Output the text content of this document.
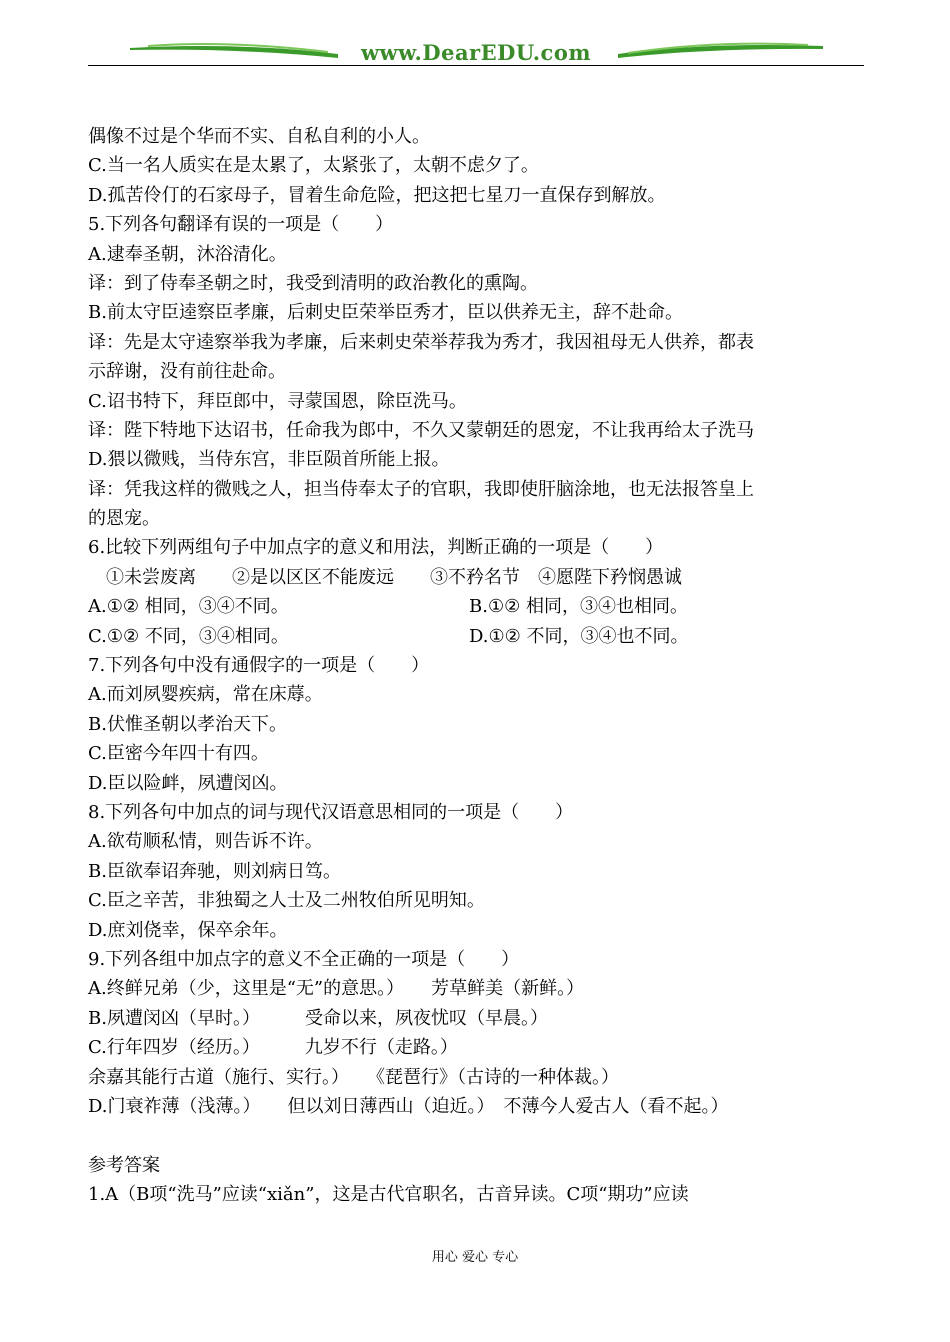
www.DearEDU.com
偶像不过是个华而不实、自私自利的小人。
C.当一名人质实在是太累了，太紧张了，太朝不虑夕了。
D.孤苦伶仃的石家母子，冒着生命危险，把这把七星刀一直保存到解放。
5.下列各句翻译有误的一项是（　　）
A.逮奉圣朝，沐浴清化。
译：到了侍奉圣朝之时，我受到清明的政治教化的熏陶。
B.前太守臣逵察臣孝廉，后刺史臣荣举臣秀才，臣以供养无主，辞不赴命。
译：先是太守逵察举我为孝廉，后来刺史荣举荐我为秀才，我因祖母无人供养，都表
示辞谢，没有前往赴命。
C.诏书特下，拜臣郎中，寻蒙国恩，除臣洗马。
译：陛下特地下达诏书，任命我为郎中，不久又蒙朝廷的恩宠，不让我再给太子洗马
D.猥以微贱，当侍东宫，非臣陨首所能上报。
译：凭我这样的微贱之人，担当侍奉太子的官职，我即使肝脑涂地，也无法报答皇上
的恩宠。
6.比较下列两组句子中加点字的意义和用法，判断正确的一项是（　　）
　①未尝废离　　②是以区区不能废远　　③不矜名节　④愿陛下矜悯愚诚
A.①② 相同，③④不同。	B.①② 相同，③④也相同。
C.①② 不同，③④相同。	D.①② 不同，③④也不同。
7.下列各句中没有通假字的一项是（　　）
A.而刘夙婴疾病，常在床蓐。
B.伏惟圣朝以孝治天下。
C.臣密今年四十有四。
D.臣以险衅，夙遭闵凶。
8.下列各句中加点的词与现代汉语意思相同的一项是（　　）
A.欲苟顺私情，则告诉不许。
B.臣欲奉诏奔驰，则刘病日笃。
C.臣之辛苦，非独蜀之人士及二州牧伯所见明知。
D.庶刘侥幸，保卒余年。
9.下列各组中加点字的意义不全正确的一项是（　　）
A.终鲜兄弟（少，这里是“无”的意思。）　　芳草鲜美（新鲜。）
B.夙遭闵凶（早时。）　　　受命以来，夙夜忧叹（早晨。）
C.行年四岁（经历。）　　　九岁不行（走路。）
余嘉其能行古道（施行、实行。）　　《琵琶行》（古诗的一种体裁。）
D.门衰祚薄（浅薄。）　　但以刘日薄西山（迫近。）　不薄今人爱古人（看不起。）
参考答案
1.A（B项“洗马”应读“xiǎn”，这是古代官职名，古音异读。C项“期功”应读
用心 爱心 专心
